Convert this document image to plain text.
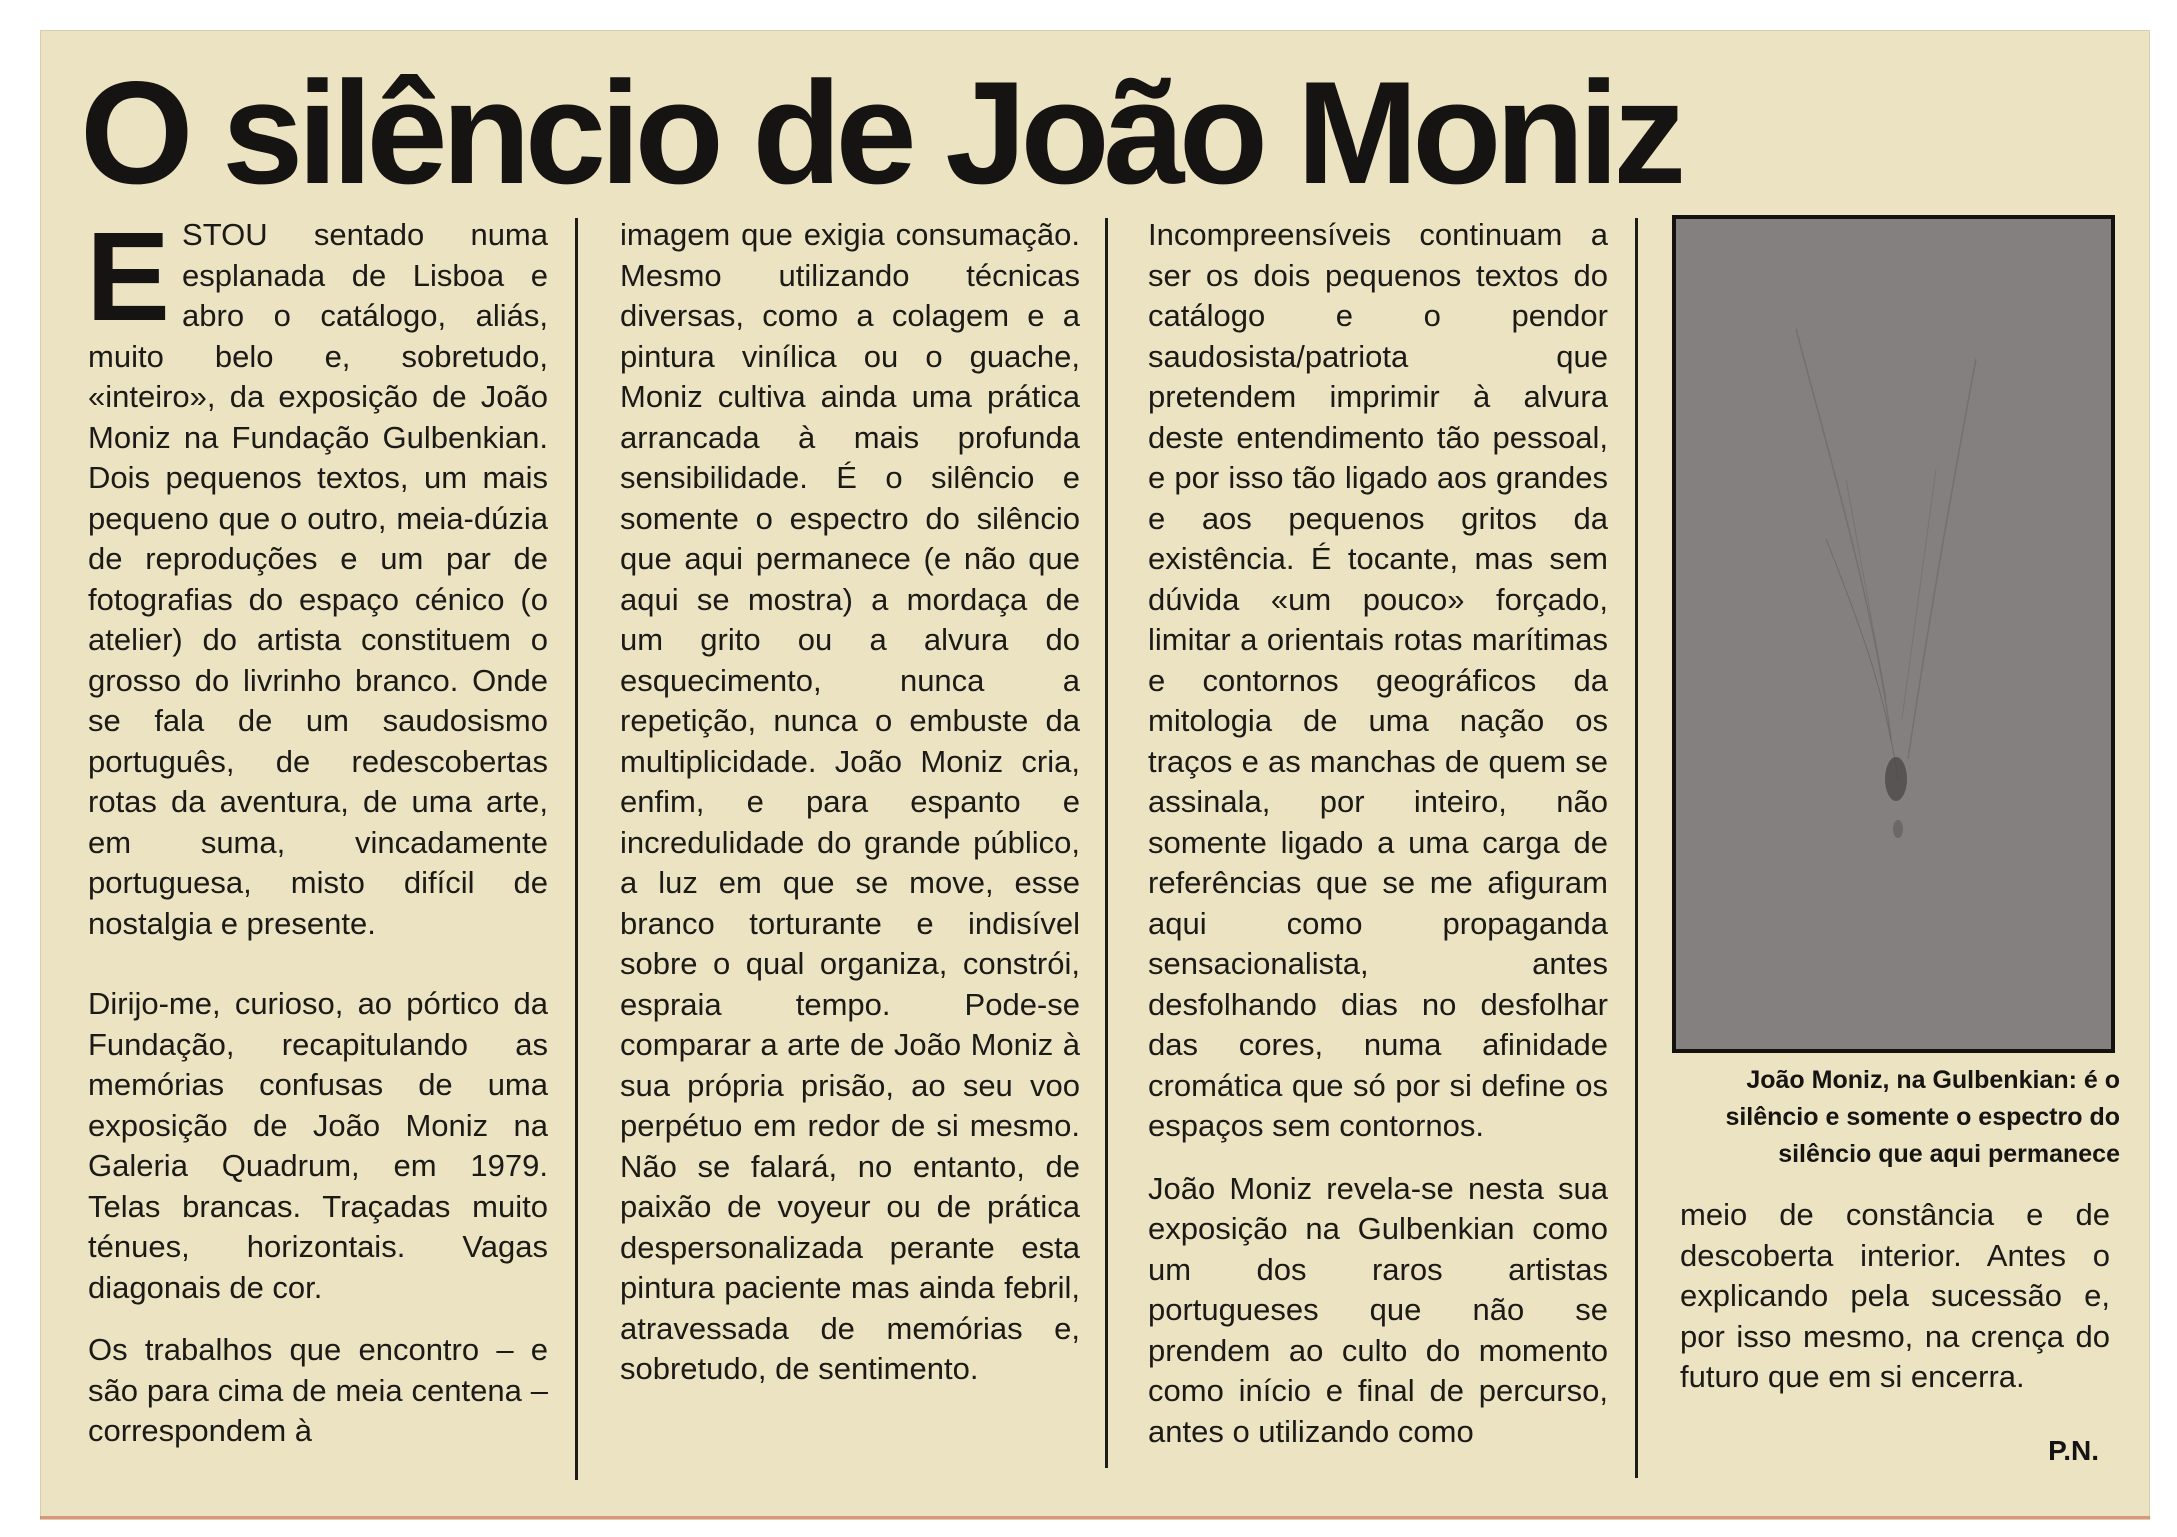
O silêncio de João Moniz

ESTOU sentado numa esplanada de Lisboa e abro o catálogo, aliás, muito belo e, sobretudo, «inteiro», da exposição de João Moniz na Fundação Gulbenkian. Dois pequenos textos, um mais pequeno que o outro, meia-dúzia de reproduções e um par de fotografias do espaço cénico (o atelier) do artista constituem o grosso do livrinho branco. Onde se fala de um saudosismo português, de redescobertas rotas da aventura, de uma arte, em suma, vincadamente portuguesa, misto difícil de nostalgia e presente.

Dirijo-me, curioso, ao pórtico da Fundação, recapitulando as memórias confusas de uma exposição de João Moniz na Galeria Quadrum, em 1979. Telas brancas. Traçadas muito ténues, horizontais. Vagas diagonais de cor.

Os trabalhos que encontro – e são para cima de meia centena – correspondem à

imagem que exigia consumação. Mesmo utilizando técnicas diversas, como a colagem e a pintura vinílica ou o guache, Moniz cultiva ainda uma prática arrancada à mais profunda sensibilidade. É o silêncio e somente o espectro do silêncio que aqui permanece (e não que aqui se mostra) a mordaça de um grito ou a alvura do esquecimento, nunca a repetição, nunca o embuste da multiplicidade. João Moniz cria, enfim, e para espanto e incredulidade do grande público, a luz em que se move, esse branco torturante e indisível sobre o qual organiza, constrói, espraia tempo. Pode-se comparar a arte de João Moniz à sua própria prisão, ao seu voo perpétuo em redor de si mesmo. Não se falará, no entanto, de paixão de voyeur ou de prática despersonalizada perante esta pintura paciente mas ainda febril, atravessada de memórias e, sobretudo, de sentimento.

Incompreensíveis continuam a ser os dois pequenos textos do catálogo e o pendor saudosista/patriota que pretendem imprimir à alvura deste entendimento tão pessoal, e por isso tão ligado aos grandes e aos pequenos gritos da existência. É tocante, mas sem dúvida «um pouco» forçado, limitar a orientais rotas marítimas e contornos geográficos da mitologia de uma nação os traços e as manchas de quem se assinala, por inteiro, não somente ligado a uma carga de referências que se me afiguram aqui como propaganda sensacionalista, antes desfolhando dias no desfolhar das cores, numa afinidade cromática que só por si define os espaços sem contornos.

João Moniz revela-se nesta sua exposição na Gulbenkian como um dos raros artistas portugueses que não se prendem ao culto do momento como início e final de percurso, antes o utilizando como

João Moniz, na Gulbenkian: é o silêncio e somente o espectro do silêncio que aqui permanece

meio de constância e de descoberta interior. Antes o explicando pela sucessão e, por isso mesmo, na crença do futuro que em si encerra.

P.N.
